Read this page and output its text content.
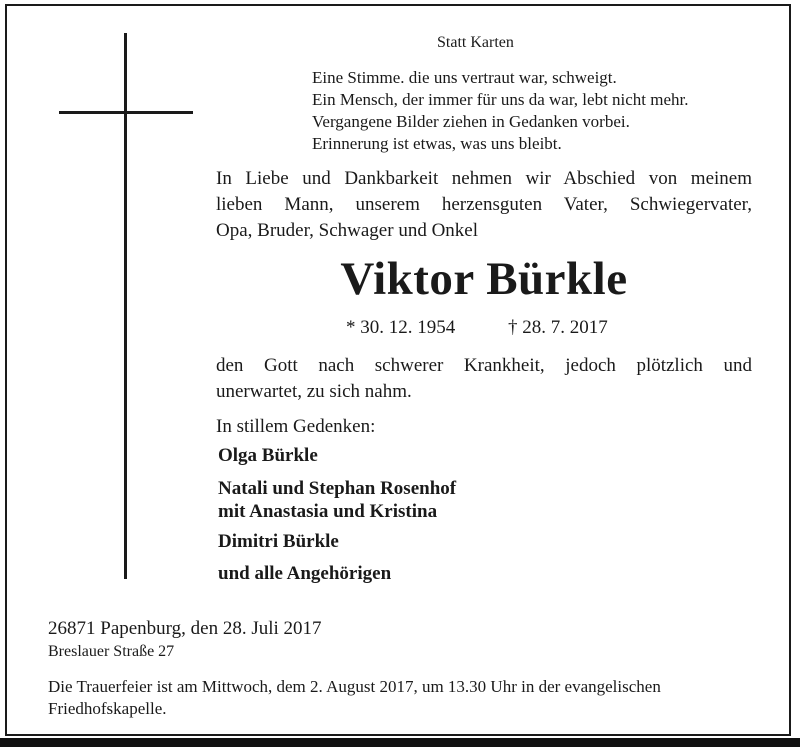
Statt Karten
Eine Stimme. die uns vertraut war, schweigt.
Ein Mensch, der immer für uns da war, lebt nicht mehr.
Vergangene Bilder ziehen in Gedanken vorbei.
Erinnerung ist etwas, was uns bleibt.
In Liebe und Dankbarkeit nehmen wir Abschied von meinem
lieben Mann, unserem herzensguten Vater, Schwiegervater,
Opa, Bruder, Schwager und Onkel
Viktor Bürkle
* 30. 12. 1954	† 28. 7. 2017
den Gott nach schwerer Krankheit, jedoch plötzlich und
unerwartet, zu sich nahm.
In stillem Gedenken:
Olga Bürkle
Natali und Stephan Rosenhof
mit Anastasia und Kristina
Dimitri Bürkle
und alle Angehörigen
26871 Papenburg, den 28. Juli 2017
Breslauer Straße 27
Die Trauerfeier ist am Mittwoch, dem 2. August 2017, um 13.30 Uhr in der evangelischen
Friedhofskapelle.
